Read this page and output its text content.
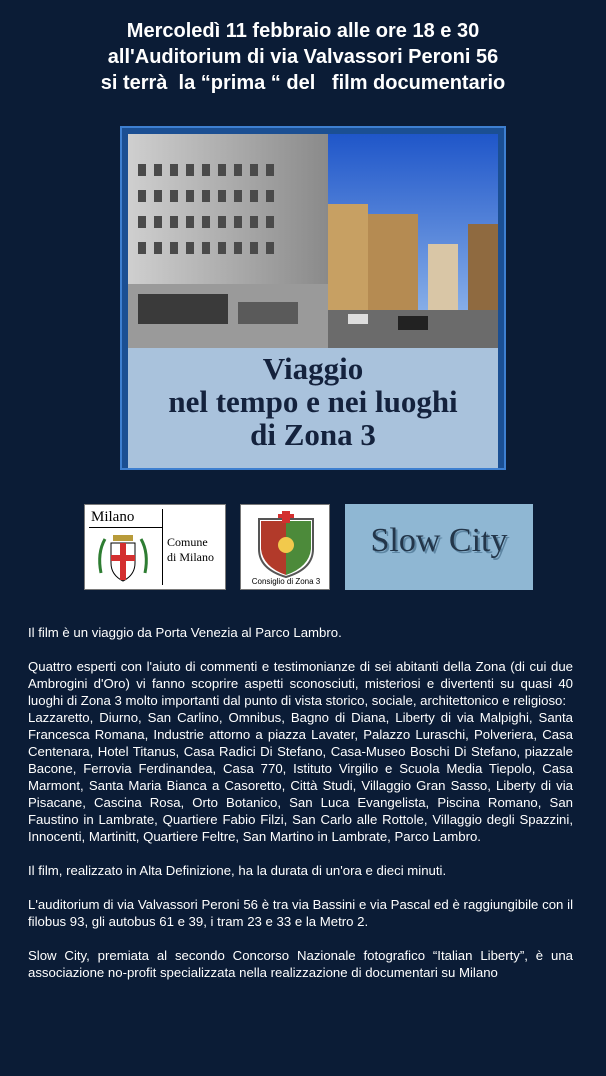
Mercoledì 11 febbraio alle ore 18 e 30
all'Auditorium di via Valvassori Peroni 56
si terrà  la “prima “ del   film documentario
Viaggio
nel tempo e nei luoghi
di Zona 3
Milano
Comune
di Milano
Consiglio di Zona 3
Slow City

Il film è un viaggio da Porta Venezia al Parco Lambro.

Quattro esperti con l'aiuto di commenti e testimonianze di sei abitanti della Zona (di cui due Ambrogini d'Oro) vi fanno scoprire aspetti sconosciuti, misteriosi e divertenti su quasi 40 luoghi di Zona 3 molto importanti dal punto di vista storico, sociale, architettonico e religioso:

Lazzaretto, Diurno, San Carlino, Omnibus, Bagno di Diana, Liberty di via Malpighi, Santa Francesca Romana, Industrie attorno a piazza Lavater, Palazzo Luraschi, Polveriera, Casa Centenara, Hotel Titanus, Casa Radici Di Stefano, Casa-Museo Boschi Di Stefano, piazzale Bacone, Ferrovia Ferdinandea, Casa 770, Istituto Virgilio e Scuola Media Tiepolo, Casa Marmont, Santa Maria Bianca a Casoretto, Città Studi, Villaggio Gran Sasso, Liberty di via Pisacane, Cascina Rosa, Orto Botanico, San Luca Evangelista, Piscina Romano, San Faustino in Lambrate, Quartiere Fabio Filzi, San Carlo alle Rottole, Villaggio degli Spazzini, Innocenti, Martinitt, Quartiere Feltre, San Martino in Lambrate, Parco Lambro.

Il film, realizzato in Alta Definizione, ha la durata di un'ora e dieci minuti.

L'auditorium di via Valvassori Peroni 56 è tra via Bassini e via Pascal ed è raggiungibile con il filobus 93, gli autobus 61 e 39, i tram 23 e 33 e la Metro 2.

Slow City, premiata al secondo Concorso Nazionale fotografico “Italian Liberty”, è una associazione no-profit specializzata nella realizzazione di documentari su Milano
